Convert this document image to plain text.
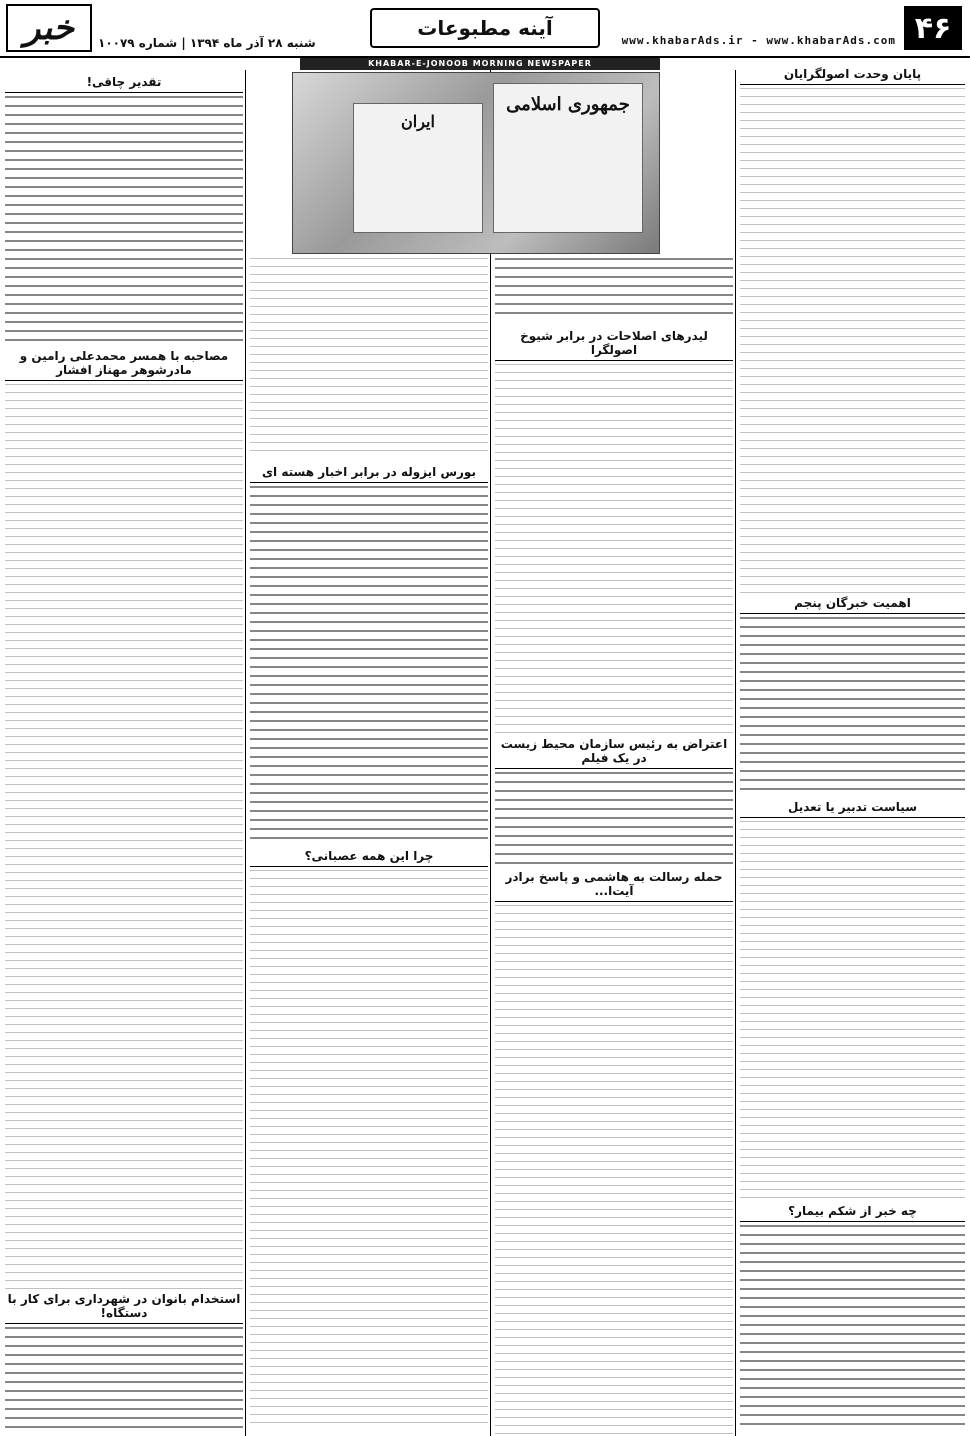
۴۶
www.khabarAds.ir - www.khabarAds.com
آینه مطبوعات
شنبه ۲۸ آذر ماه ۱۳۹۴ | شماره ۱۰۰۷۹
خبر
KHABAR-E-JONOOB MORNING NEWSPAPER
جمهوری اسلامی
ایران
پایان وحدت اصولگرایان
اهمیت خبرگان پنجم
سیاست تدبیر یا تعدیل
چه خبر از شکم بیمار؟
لیدرهای اصلاحات در برابر شیوخ اصولگرا
اعتراض به رئیس سازمان محیط زیست در یک فیلم
حمله رسالت به هاشمی و پاسخ برادر آیت‌ا...
بورس ایزوله در برابر اخبار هسته ای
چرا این همه عصبانی؟
تقدیر چاقی!
مصاحبه با همسر محمدعلی رامین و مادرشوهر مهناز افشار
استخدام بانوان در شهرداری برای کار با دستگاه!
